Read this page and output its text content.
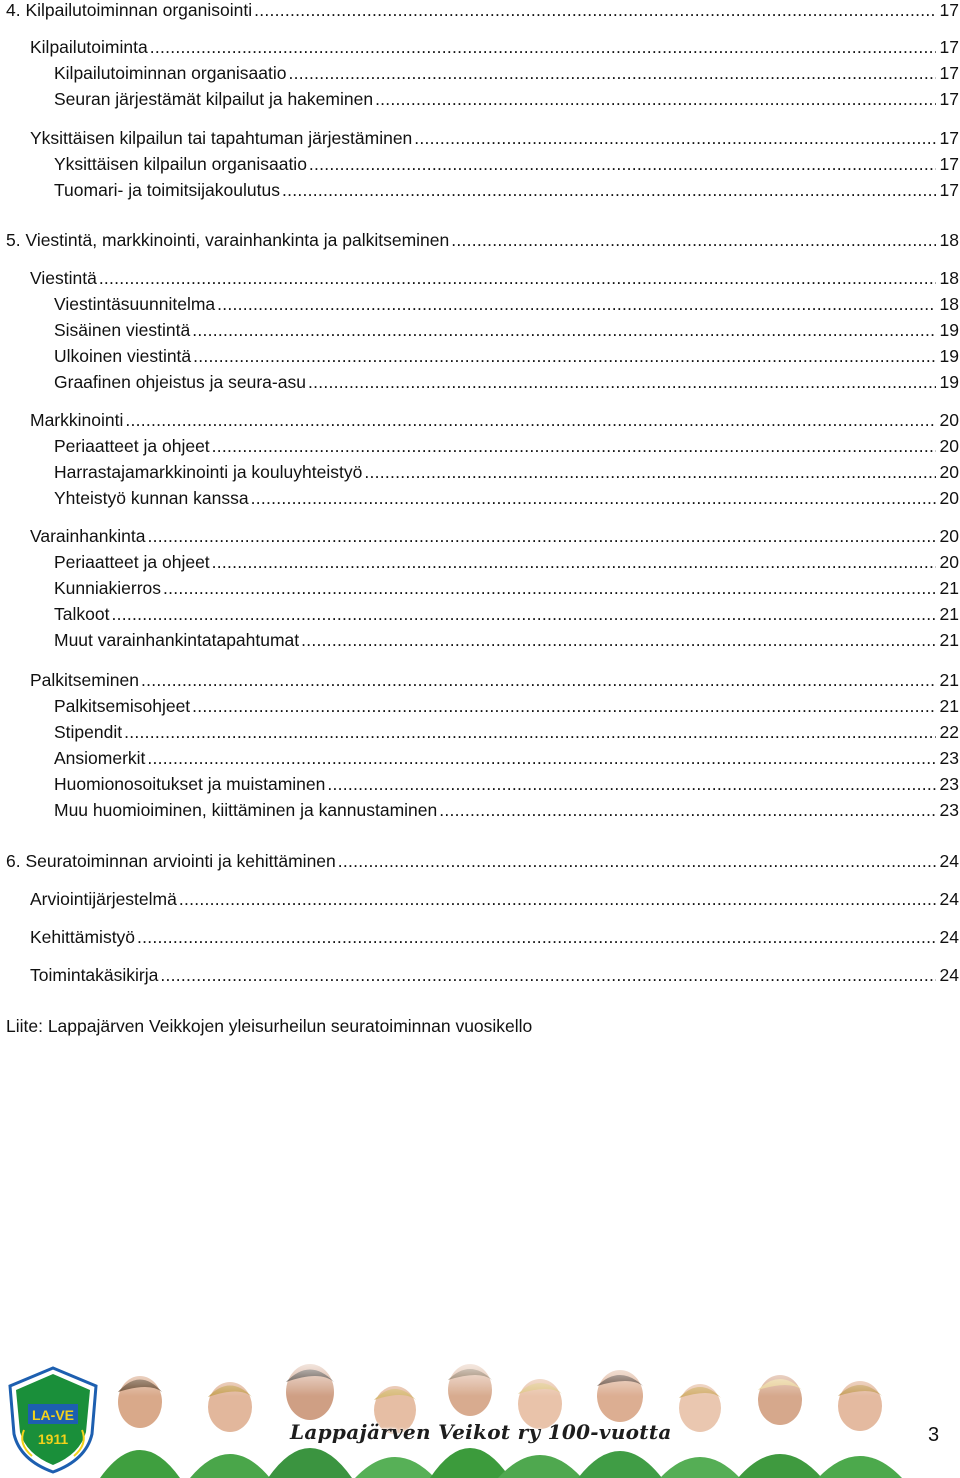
4. Kilpailutoiminnan organisointi . . .	17
Kilpailutoiminta . . .	17
Kilpailutoiminnan organisaatio . . .	17
Seuran järjestämät kilpailut ja hakeminen . . .	17
Yksittäisen kilpailun tai tapahtuman järjestäminen . . .	17
Yksittäisen kilpailun organisaatio . . .	17
Tuomari- ja toimitsijakoulutus . . .	17
5. Viestintä, markkinointi, varainhankinta ja palkitseminen . . .	18
Viestintä . . .	18
Viestintäsuunnitelma . . .	18
Sisäinen viestintä . . .	19
Ulkoinen viestintä . . .	19
Graafinen ohjeistus ja seura-asu . . .	19
Markkinointi . . .	20
Periaatteet ja ohjeet . . .	20
Harrastajamarkkinointi ja kouluyhteistyö . . .	20
Yhteistyö kunnan kanssa . . .	20
Varainhankinta . . .	20
Periaatteet ja ohjeet . . .	20
Kunniakierros . . .	21
Talkoot . . .	21
Muut varainhankintatapahtumat . . .	21
Palkitseminen . . .	21
Palkitsemisohjeet . . .	21
Stipendit . . .	22
Ansiomerkit . . .	23
Huomionosoitukset ja muistaminen . . .	23
Muu huomioiminen, kiittäminen ja kannustaminen . . .	23
6. Seuratoiminnan arviointi ja kehittäminen . . .	24
Arviointijärjestelmä . . .	24
Kehittämistyö . . .	24
Toimintakäsikirja . . .	24
Liite: Lappajärven Veikkojen yleisurheilun seuratoiminnan vuosikello
LA-VE
1911	Lappajärven Veikot ry 100-vuotta	3
